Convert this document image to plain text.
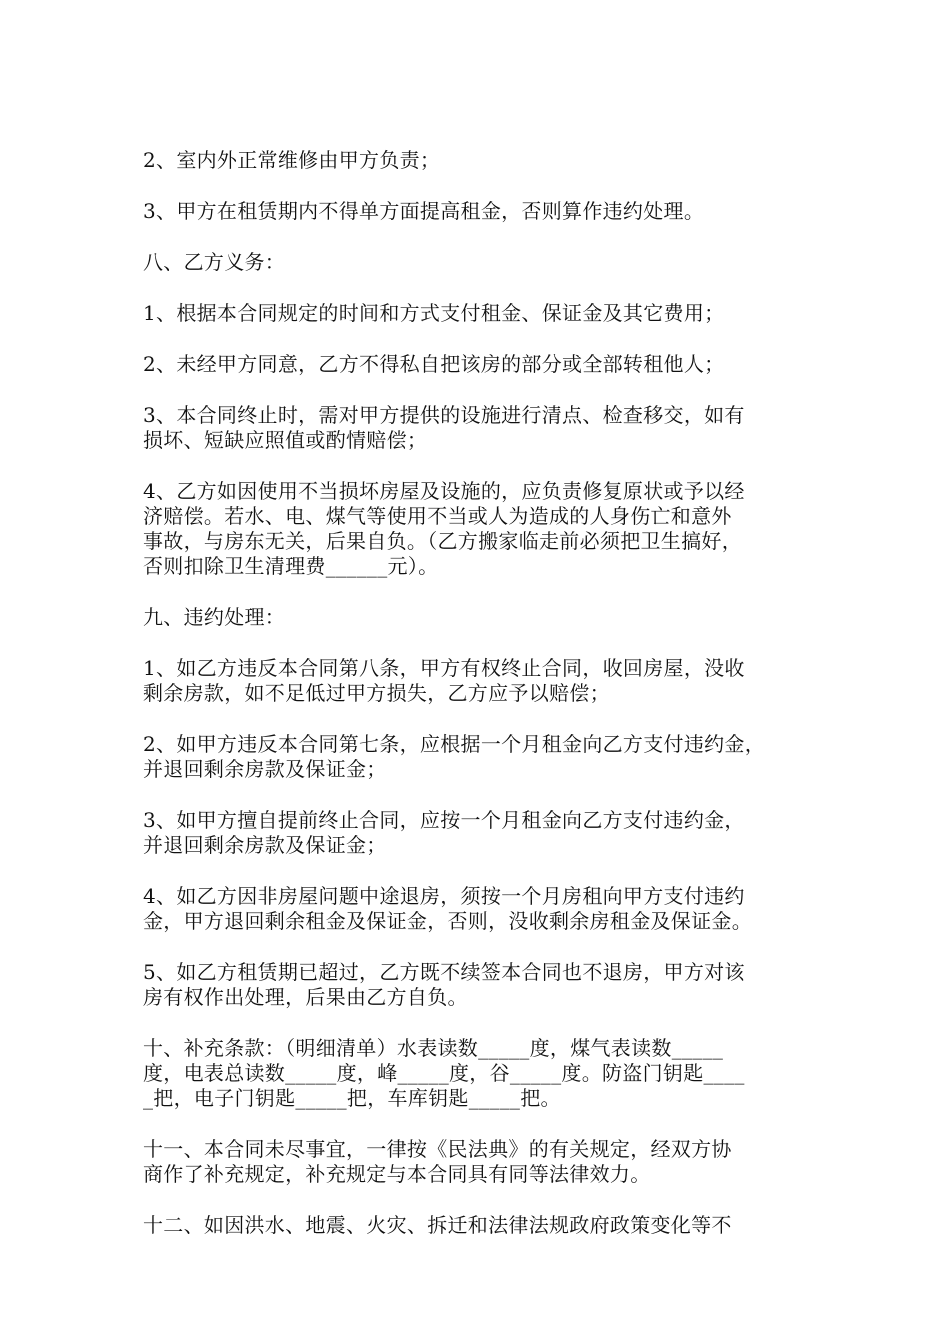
2、室内外正常维修由甲方负责；

3、甲方在租赁期内不得单方面提高租金，否则算作违约处理。

八、乙方义务：

1、根据本合同规定的时间和方式支付租金、保证金及其它费用；

2、未经甲方同意，乙方不得私自把该房的部分或全部转租他人；

3、本合同终止时，需对甲方提供的设施进行清点、检查移交，如有
损坏、短缺应照值或酌情赔偿；

4、乙方如因使用不当损坏房屋及设施的，应负责修复原状或予以经
济赔偿。若水、电、煤气等使用不当或人为造成的人身伤亡和意外
事故，与房东无关，后果自负。（乙方搬家临走前必须把卫生搞好，
否则扣除卫生清理费______元）。

九、违约处理：

1、如乙方违反本合同第八条，甲方有权终止合同，收回房屋，没收
剩余房款，如不足低过甲方损失，乙方应予以赔偿；

2、如甲方违反本合同第七条，应根据一个月租金向乙方支付违约金，
并退回剩余房款及保证金；

3、如甲方擅自提前终止合同，应按一个月租金向乙方支付违约金，
并退回剩余房款及保证金；

4、如乙方因非房屋问题中途退房，须按一个月房租向甲方支付违约
金，甲方退回剩余租金及保证金，否则，没收剩余房租金及保证金。

5、如乙方租赁期已超过，乙方既不续签本合同也不退房，甲方对该
房有权作出处理，后果由乙方自负。

十、补充条款：（明细清单）水表读数_____度，煤气表读数_____
度，电表总读数_____度，峰_____度，谷_____度。防盗门钥匙____
_把，电子门钥匙_____把，车库钥匙_____把。

十一、本合同未尽事宜，一律按《民法典》的有关规定，经双方协
商作了补充规定，补充规定与本合同具有同等法律效力。

十二、如因洪水、地震、火灾、拆迁和法律法规政府政策变化等不
